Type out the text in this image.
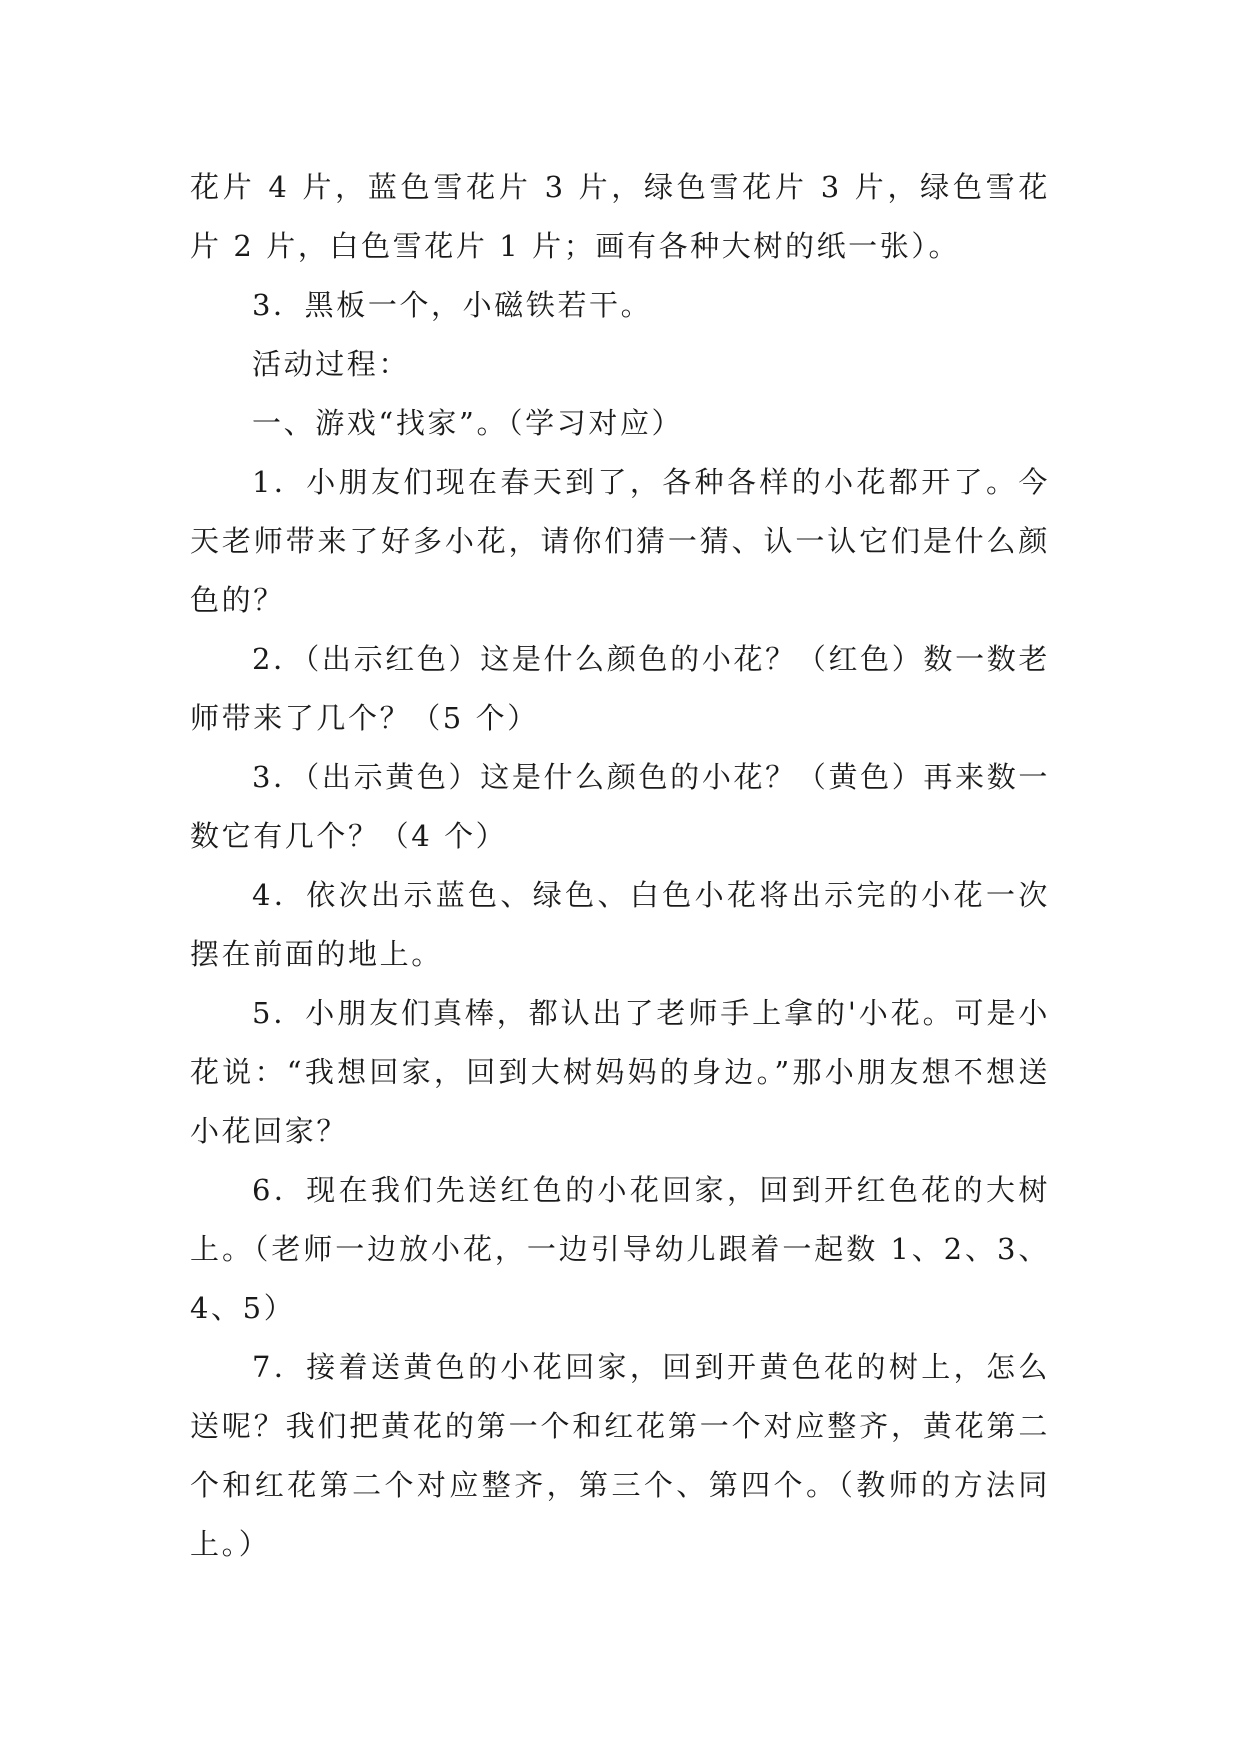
花片 4 片，蓝色雪花片 3 片，绿色雪花片 3 片，绿色雪花片 2 片，白色雪花片 1 片；画有各种大树的纸一张）。

3．黑板一个，小磁铁若干。

活动过程：

一、游戏“找家”。（学习对应）

1．小朋友们现在春天到了，各种各样的小花都开了。今天老师带来了好多小花，请你们猜一猜、认一认它们是什么颜色的？

2．（出示红色）这是什么颜色的小花？（红色）数一数老师带来了几个？（5 个）

3．（出示黄色）这是什么颜色的小花？（黄色）再来数一数它有几个？（4 个）

4．依次出示蓝色、绿色、白色小花将出示完的小花一次摆在前面的地上。

5．小朋友们真棒，都认出了老师手上拿的'小花。可是小花说：“我想回家，回到大树妈妈的身边。”那小朋友想不想送小花回家？

6．现在我们先送红色的小花回家，回到开红色花的大树上。（老师一边放小花，一边引导幼儿跟着一起数 1、2、3、4、5）

7．接着送黄色的小花回家，回到开黄色花的树上，怎么送呢？我们把黄花的第一个和红花第一个对应整齐，黄花第二个和红花第二个对应整齐，第三个、第四个。（教师的方法同上。）
